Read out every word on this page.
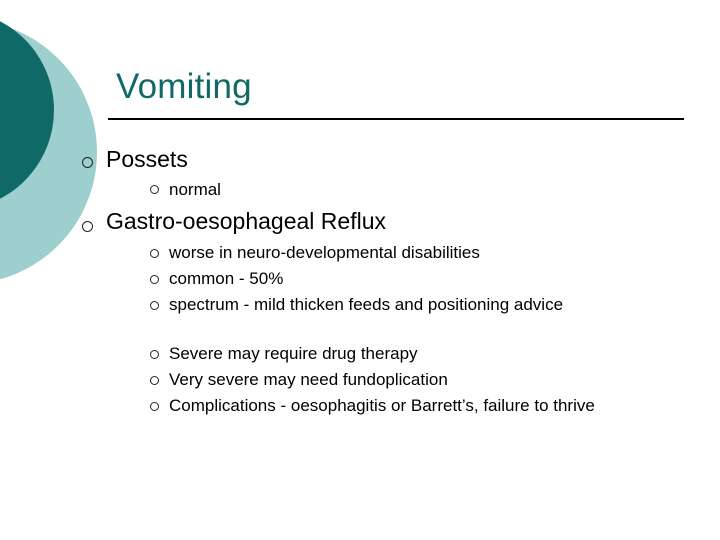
Vomiting
Possets
normal
Gastro-oesophageal Reflux
worse in neuro-developmental disabilities
common - 50%
spectrum - mild thicken feeds and positioning advice
Severe may require drug therapy
Very severe may need fundoplication
Complications - oesophagitis or Barrett’s, failure to thrive
